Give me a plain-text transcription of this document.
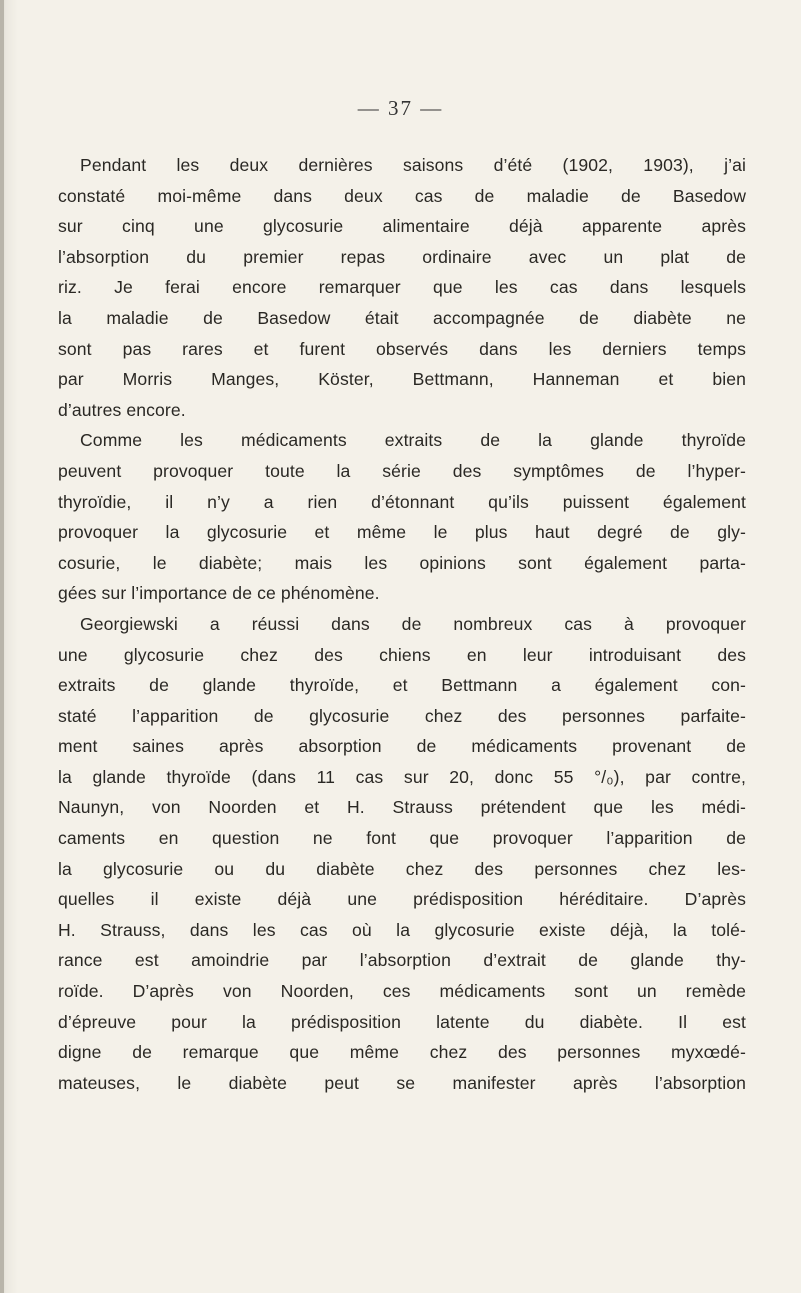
— 37 —
Pendant les deux dernières saisons d’été (1902, 1903), j’ai
constaté moi-même dans deux cas de maladie de Basedow
sur cinq une glycosurie alimentaire déjà apparente après
l’absorption du premier repas ordinaire avec un plat de
riz. Je ferai encore remarquer que les cas dans lesquels
la maladie de Basedow était accompagnée de diabète ne
sont pas rares et furent observés dans les derniers temps
par Morris Manges, Köster, Bettmann, Hanneman et bien
d’autres encore.
Comme les médicaments extraits de la glande thyroïde
peuvent provoquer toute la série des symptômes de l’hyper-
thyroïdie, il n’y a rien d’étonnant qu’ils puissent également
provoquer la glycosurie et même le plus haut degré de gly-
cosurie, le diabète; mais les opinions sont également parta-
gées sur l’importance de ce phénomène.
Georgiewski a réussi dans de nombreux cas à provoquer
une glycosurie chez des chiens en leur introduisant des
extraits de glande thyroïde, et Bettmann a également con-
staté l’apparition de glycosurie chez des personnes parfaite-
ment saines après absorption de médicaments provenant de
la glande thyroïde (dans 11 cas sur 20, donc 55 °/₀), par contre,
Naunyn, von Noorden et H. Strauss prétendent que les médi-
caments en question ne font que provoquer l’apparition de
la glycosurie ou du diabète chez des personnes chez les-
quelles il existe déjà une prédisposition héréditaire. D’après
H. Strauss, dans les cas où la glycosurie existe déjà, la tolé-
rance est amoindrie par l’absorption d’extrait de glande thy-
roïde. D’après von Noorden, ces médicaments sont un remède
d’épreuve pour la prédisposition latente du diabète. Il est
digne de remarque que même chez des personnes myxœdé-
mateuses, le diabète peut se manifester après l’absorption
